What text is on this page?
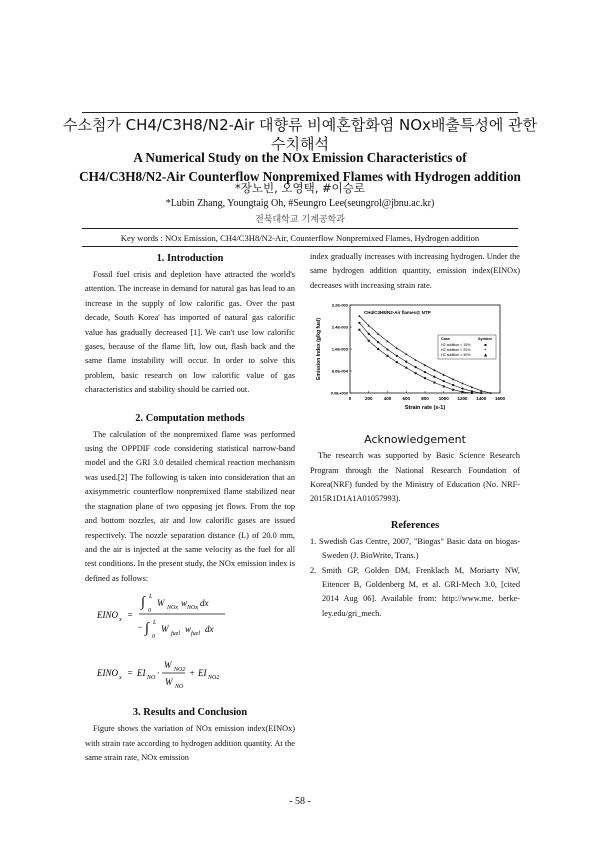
수소첨가 CH4/C3H8/N2-Air 대향류 비예혼합화염 NOx배출특성에 관한 수치해석
A Numerical Study on the NOx Emission Characteristics of
CH4/C3H8/N2-Air Counterflow Nonpremixed Flames with Hydrogen addition
*장노빈, 오영택, #이승로
*Lubin Zhang, Youngtaig Oh, #Seungro Lee(seungrol@jbnu.ac.kr)
전북대학교 기계공학과
Key words : NOx Emission, CH4/C3H8/N2-Air, Counterflow Nonpremixed Flames, Hydrogen addition
1. Introduction

Fossil fuel crisis and depletion have attracted the world's attention. The increase in demand for natural gas has lead to an increase in the supply of low calorific gas. Over the past decade, South Korea' has imported of natural gas calorific value has gradually decreased [1]. We can't use low calorific gases, because of the flame lift, low out, flash back and the same flame instability will occur. In order to solve this problem, basic research on low calorific value of gas characteristics and stability should be carried out.

2. Computation methods

The calculation of the nonpremixed flame was performed using the OPPDIF code considering statistical narrow-band model and the GRI 3.0 detailed chemical reaction mechanism was used.[2] The following is taken into consideration that an axisymmetric counterflow nonpremixed flame stabilized near the stagnation plane of two opposing jet flows. From the top and bottom nozzles, air and low calorific gases are issued respectively. The nozzle separation distance (L) of 20.0 mm, and the air is injected at the same velocity as the fuel for all test conditions. In the present study, the NOx emission index is defined as follows:

EINO x =
∫ L
0
W NOx w NOx dx
− ∫ L
0
W fuel w fuel dx
EINO x = EI NO ·
W NO2
W NO
+ EI NO2
3. Results and Conclusion

Figure shows the variation of NOx emission index(EINOx) with strain rate according to hydrogen addition quantity. At the same strain rate, NOx emission

index gradually increases with increasing hydrogen. Under the same hydrogen addition quantity, emission index(EINOx) decreases with increasing strain rate.
0	200 400 600 800 1000 1200 1400 1600
0.0E+000
8.0E-004
1.6E-003
2.4E-003
3.2E-003
Strain rate (s-1)
Emission Index (g/kg fuel)
CH4/C3H8/N2-Air flames@ NTP
Case	Symbol
H2 addition = 10%	▪
H2 addition = 20%	•
H2 addition = 30%	▲
Acknowledgement

The research was supported by Basic Science Research Program through the National Research Foundation of Korea(NRF) funded by the Ministry of Education (No. NRF-2015R1D1A1A01057993).

References
1. Swedish Gas Centre, 2007, "Biogas" Basic data on biogas-Sweden (J. BioWrite, Trans.)
2. Smith GP, Golden DM, Frenklach M, Moriarty NW, Eitencer B, Goldenberg M, et al. GRI-Mech 3.0, [cited 2014 Aug 06]. Available from: http://www.me. berke-ley.edu/gri_mech.
- 58 -
